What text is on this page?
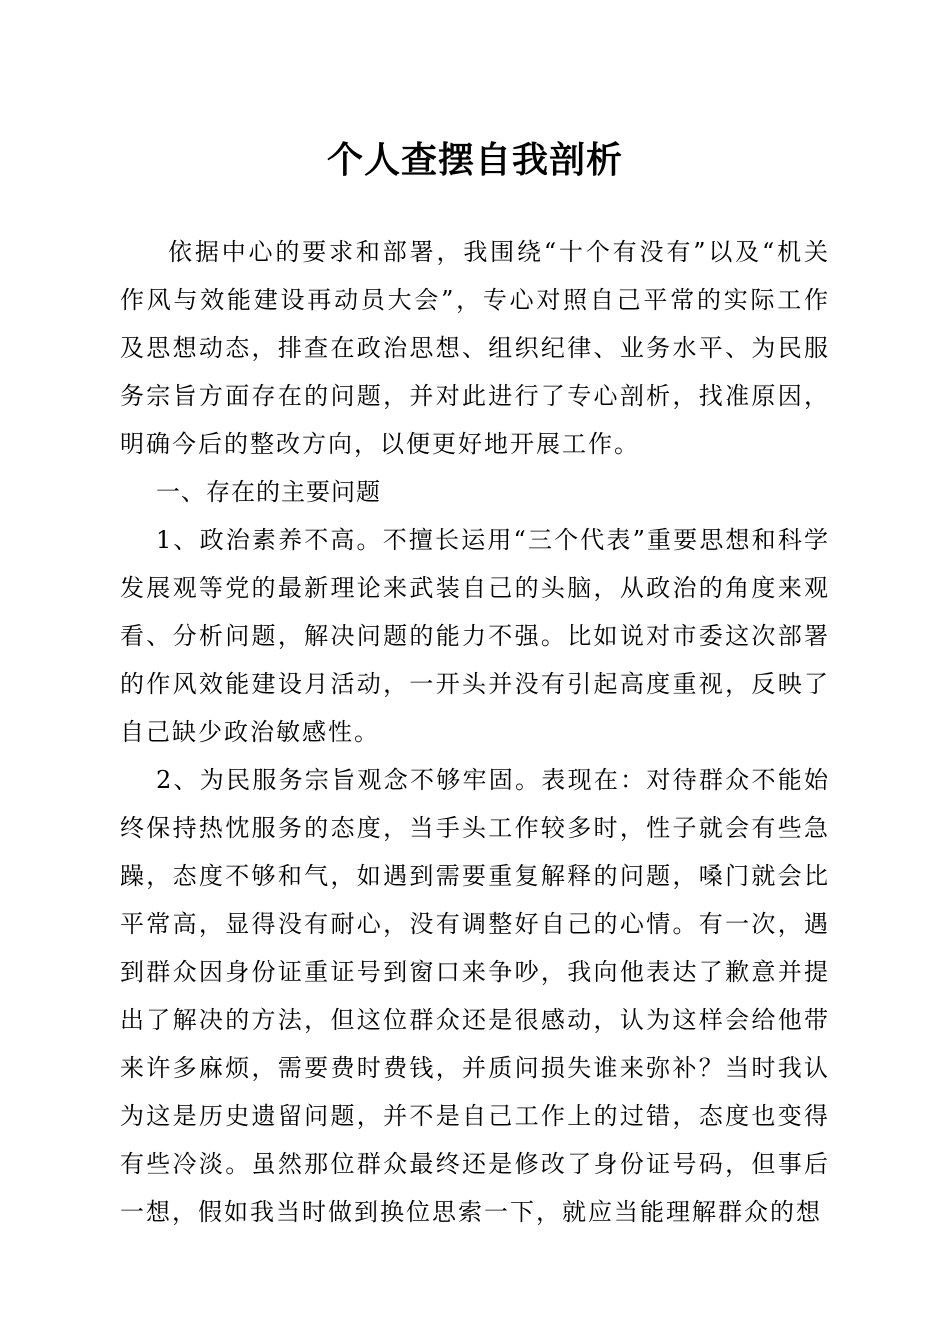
个人查摆自我剖析

依据中心的要求和部署，我围绕“十个有没有”以及“机关作风与效能建设再动员大会”，专心对照自己平常的实际工作及思想动态，排查在政治思想、组织纪律、业务水平、为民服务宗旨方面存在的问题，并对此进行了专心剖析，找准原因，明确今后的整改方向，以便更好地开展工作。

一、存在的主要问题

1、政治素养不高。不擅长运用“三个代表”重要思想和科学发展观等党的最新理论来武装自己的头脑，从政治的角度来观看、分析问题，解决问题的能力不强。比如说对市委这次部署的作风效能建设月活动，一开头并没有引起高度重视，反映了自己缺少政治敏感性。

2、为民服务宗旨观念不够牢固。表现在：对待群众不能始终保持热忱服务的态度，当手头工作较多时，性子就会有些急躁，态度不够和气，如遇到需要重复解释的问题，嗓门就会比平常高，显得没有耐心，没有调整好自己的心情。有一次，遇到群众因身份证重证号到窗口来争吵，我向他表达了歉意并提出了解决的方法，但这位群众还是很感动，认为这样会给他带来许多麻烦，需要费时费钱，并质问损失谁来弥补？当时我认为这是历史遗留问题，并不是自己工作上的过错，态度也变得有些冷淡。虽然那位群众最终还是修改了身份证号码，但事后一想，假如我当时做到换位思索一下，就应当能理解群众的想
